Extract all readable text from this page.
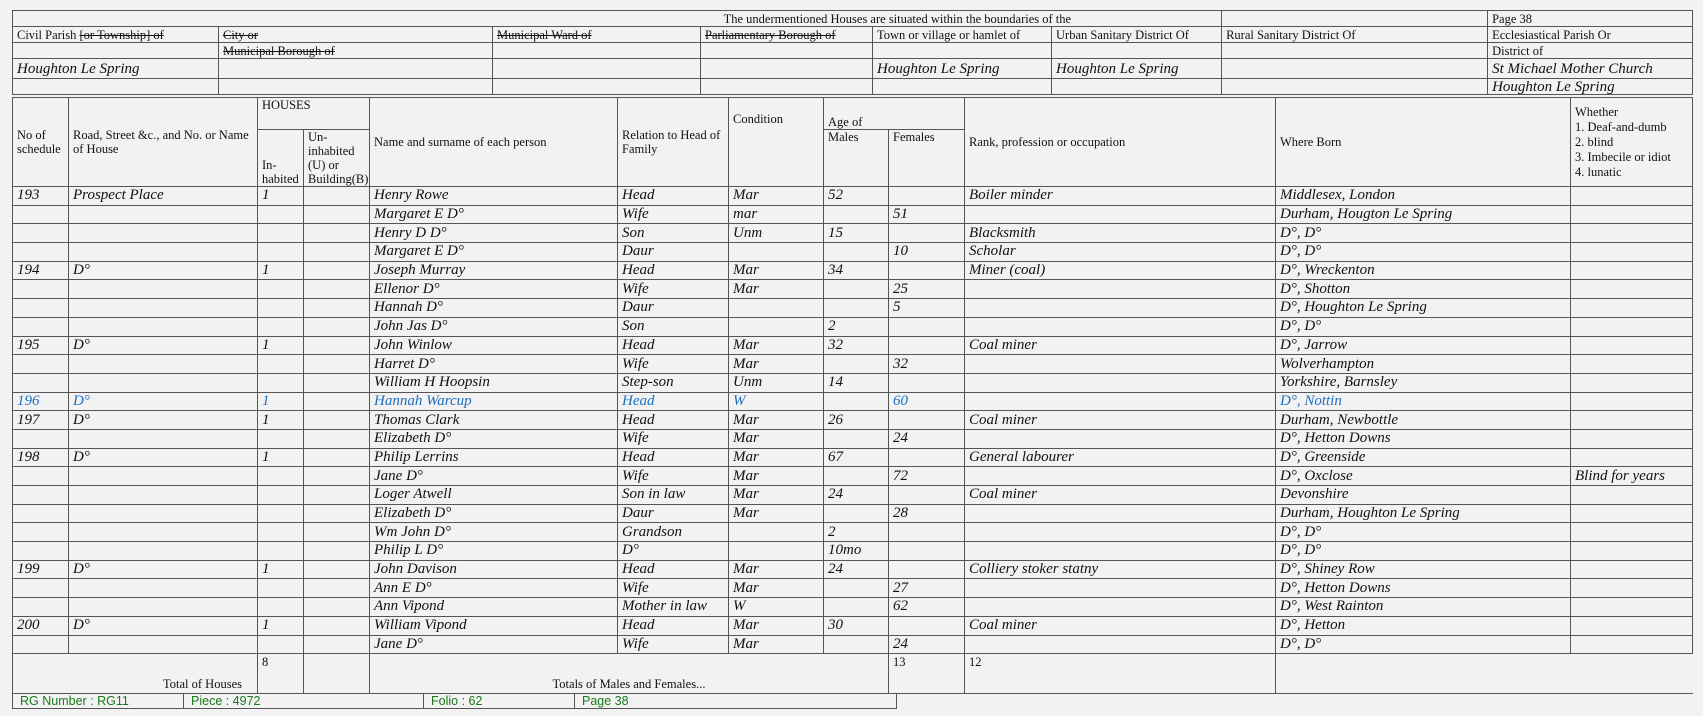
The undermentioned Houses are situated within the boundaries of the							Page 38
Civil Parish [or Township] of	City or	Municipal Ward of	Parliamentary Borough of	Town or village or hamlet of	Urban Sanitary District Of	Rural Sanitary District Of	Ecclesiastical Parish Or
	Municipal Borough of						District of
Houghton Le Spring				Houghton Le Spring	Houghton Le Spring		St Michael Mother Church
							Houghton Le Spring
No of schedule	Road, Street &c., and No. or Name of House	HOUSES		Name and surname of each person	Relation to Head of Family	Condition	Age of		Rank, profession or occupation	Where Born	Whether
1. Deaf-and-dumb
2. blind
3. Imbecile or idiot
4. lunatic

		In-habited	Un-inhabited (U) or Building(B)				Males	Females			
193	Prospect Place	1		Henry Rowe	Head	Mar	52		Boiler minder	Middlesex, London	
				Margaret E D°	Wife	mar		51		Durham, Hougton Le Spring	
				Henry D D°	Son	Unm	15		Blacksmith	D°, D°	
				Margaret E D°	Daur			10	Scholar	D°, D°	
194	D°	1		Joseph Murray	Head	Mar	34		Miner (coal)	D°, Wreckenton	
				Ellenor D°	Wife	Mar		25		D°, Shotton	
				Hannah D°	Daur			5		D°, Houghton Le Spring	
				John Jas D°	Son		2			D°, D°	
195	D°	1		John Winlow	Head	Mar	32		Coal miner	D°, Jarrow	
				Harret D°	Wife	Mar		32		Wolverhampton	
				William H Hoopsin	Step-son	Unm	14			Yorkshire, Barnsley	
196	D°	1		Hannah Warcup	Head	W		60		D°, Nottin	
197	D°	1		Thomas Clark	Head	Mar	26		Coal miner	Durham, Newbottle	
				Elizabeth D°	Wife	Mar		24		D°, Hetton Downs	
198	D°	1		Philip Lerrins	Head	Mar	67		General labourer	D°, Greenside	
				Jane D°	Wife	Mar		72		D°, Oxclose	Blind for years
				Loger Atwell	Son in law	Mar	24		Coal miner	Devonshire	
				Elizabeth D°	Daur	Mar		28		Durham, Houghton Le Spring	
				Wm John D°	Grandson		2			D°, D°	
				Philip L D°	D°		10mo			D°, D°	
199	D°	1		John Davison	Head	Mar	24		Colliery stoker statny	D°, Shiney Row	
				Ann E D°	Wife	Mar		27		D°, Hetton Downs	
				Ann Vipond	Mother in law	W		62		D°, West Rainton	
200	D°	1		William Vipond	Head	Mar	30		Coal miner	D°, Hetton	
				Jane D°	Wife	Mar		24		D°, D°	
Total of Houses		8		Totals of Males and Females...				13	12		
RG Number : RG11	Piece : 4972	Folio : 62	Page 38
